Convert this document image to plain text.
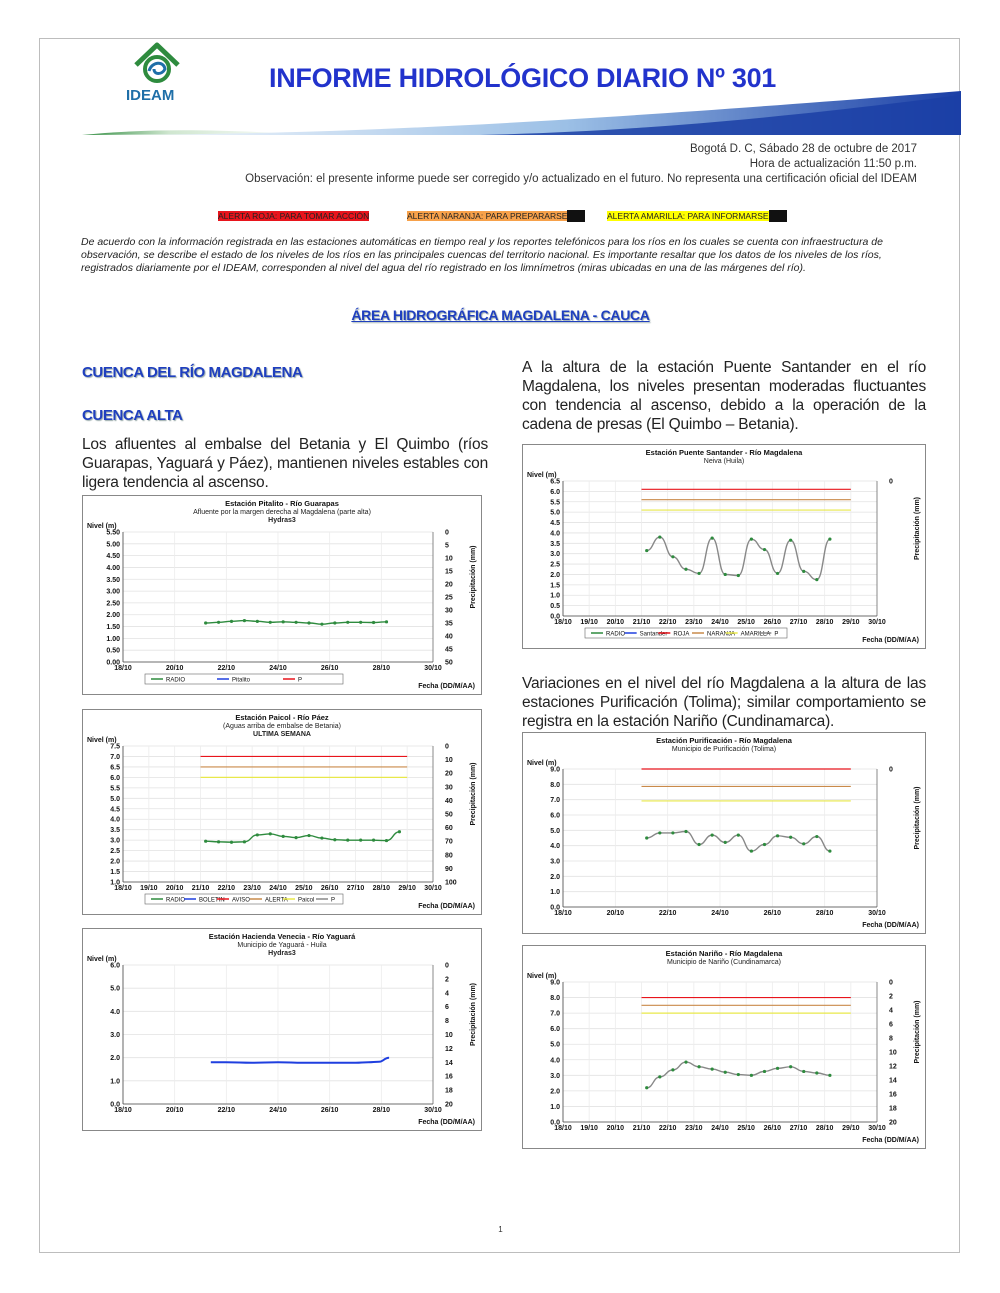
IDEAM
INFORME HIDROLÓGICO DIARIO Nº 301
Bogotá D. C, Sábado 28 de octubre de 2017
Hora de actualización 11:50 p.m.
Observación: el presente informe puede ser corregido y/o actualizado en el futuro. No representa una certificación oficial del IDEAM
ALERTA ROJA: PARA TOMAR ACCIÓN	ALERTA NARANJA: PARA PREPARARSE	ALERTA AMARILLA: PARA INFORMARSE
De acuerdo con la información registrada en las estaciones automáticas en tiempo real y los reportes telefónicos para los ríos en los cuales se cuenta con infraestructura de observación, se describe el estado de los niveles de los ríos en las principales cuencas del territorio nacional. Es importante resaltar que los datos de los niveles de los ríos, registrados diariamente por el IDEAM, corresponden al nivel del agua del río registrado en los limnímetros (miras ubicadas en una de las márgenes del río).
ÁREA HIDROGRÁFICA MAGDALENA - CAUCA
CUENCA DEL RÍO MAGDALENA
CUENCA ALTA
Los afluentes al embalse del Betania y El Quimbo (ríos Guarapas, Yaguará y Páez), mantienen niveles estables con ligera tendencia al ascenso.
A la altura de la estación Puente Santander en el río Magdalena, los niveles presentan moderadas fluctuantes con tendencia al ascenso, debido a la operación de la cadena de presas (El Quimbo – Betania).
Variaciones en el nivel del río Magdalena a la altura de las estaciones Purificación (Tolima); similar comportamiento se registra en la estación Nariño (Cundinamarca).
Estación Pitalito - Río Guarapas
Afluente por la margen derecha al Magdalena (parte alta)
Hydras3
Nivel (m)
Precipitación (mm)
0.00
0.50
1.00
1.50
2.00
2.50
3.00
3.50
4.00
4.50
5.00
5.50	0
5
10
15
20
25
30
35
40
45
50
18/10	20/10	22/10	24/10	26/10	28/10	30/10
Fecha (DD/M/AA)
RADIO	Pitalito	P
Estación Paicol - Río Páez
(Aguas arriba de embalse de Betania)
ULTIMA SEMANA
Nivel (m)
Precipitación (mm)
1.0
1.5
2.0
2.5
3.0
3.5
4.0
4.5
5.0
5.5
6.0
6.5
7.0
7.5	0
10
20
30
40
50
60
70
80
90
100
18/10 19/10 20/10 21/10 22/10 23/10 24/10 25/10 26/10 27/10 28/10 29/10 30/10
Fecha (DD/M/AA)
RADIO BOLETIN AVISO	ALERTA Paicol	P
Estación Hacienda Venecia - Río Yaguará
Municipio de Yaguará - Huila
Hydras3
Nivel (m)
Precipitación (mm)
0.0
1.0
2.0
3.0
4.0
5.0
6.0	0
2
4
6
8
10
12
14
16
18
20
18/10	20/10	22/10	24/10	26/10	28/10	30/10
Fecha (DD/M/AA)
Estación Puente Santander - Río Magdalena
Neiva (Huila)
Nivel (m)
Precipitación (mm)
0.0
0.5
1.0
1.5
2.0
2.5
3.0
3.5
4.0
4.5
5.0
5.5
6.0
6.5	0
18/10 19/10 20/10 21/10 22/10 23/10 24/10 25/10 26/10 27/10 28/10 29/10 30/10
Fecha (DD/M/AA)
RADIO Santander ROJA	NARANJA AMARILLA P
Estación Purificación - Río Magdalena
Municipio de Purificación (Tolima)
Nivel (m)
Precipitación (mm)
0.0
1.0
2.0
3.0
4.0
5.0
6.0
7.0
8.0
9.0	0
18/10	20/10	22/10	24/10	26/10	28/10	30/10
Fecha (DD/M/AA)
Estación Nariño - Río Magdalena
Municipio de Nariño (Cundinamarca)
Nivel (m)
Precipitación (mm)
0.0
1.0
2.0
3.0
4.0
5.0
6.0
7.0
8.0
9.0	0
2
4
6
8
10
12
14
16
18
20
18/10 19/10 20/10 21/10 22/10 23/10 24/10 25/10 26/10 27/10 28/10 29/10 30/10
Fecha (DD/M/AA)
1
